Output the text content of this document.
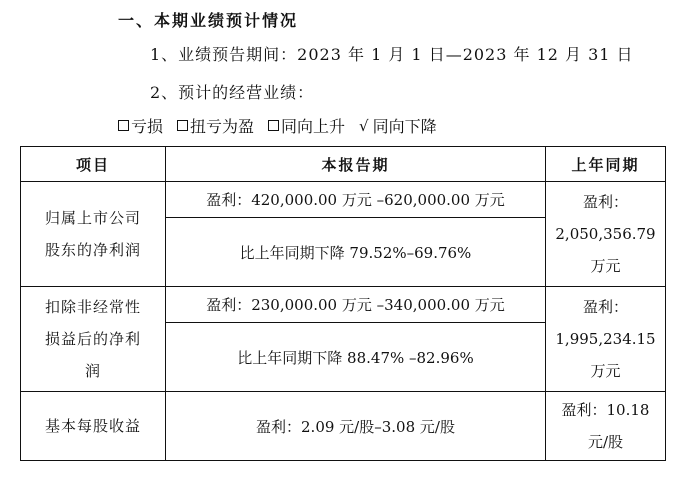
一、本期业绩预计情况
1、业绩预告期间：2023 年 1 月 1 日—2023 年 12 月 31 日
2、预计的经营业绩：
亏损 扭亏为盈 同向上升 √ 同向下降
项目	本报告期	上年同期

归属上市公司股东的净利润	盈利：420,000.00 万元 –620,000.00 万元	盈利：2,050,356.79 万元

	比上年同期下降 79.52%–69.76%	

扣除非经常性损益后的净利润	盈利：230,000.00 万元 –340,000.00 万元	盈利：1,995,234.15 万元

	比上年同期下降 88.47% –82.96%	

基本每股收益	盈利：2.09 元/股–3.08 元/股	盈利：10.18 元/股
